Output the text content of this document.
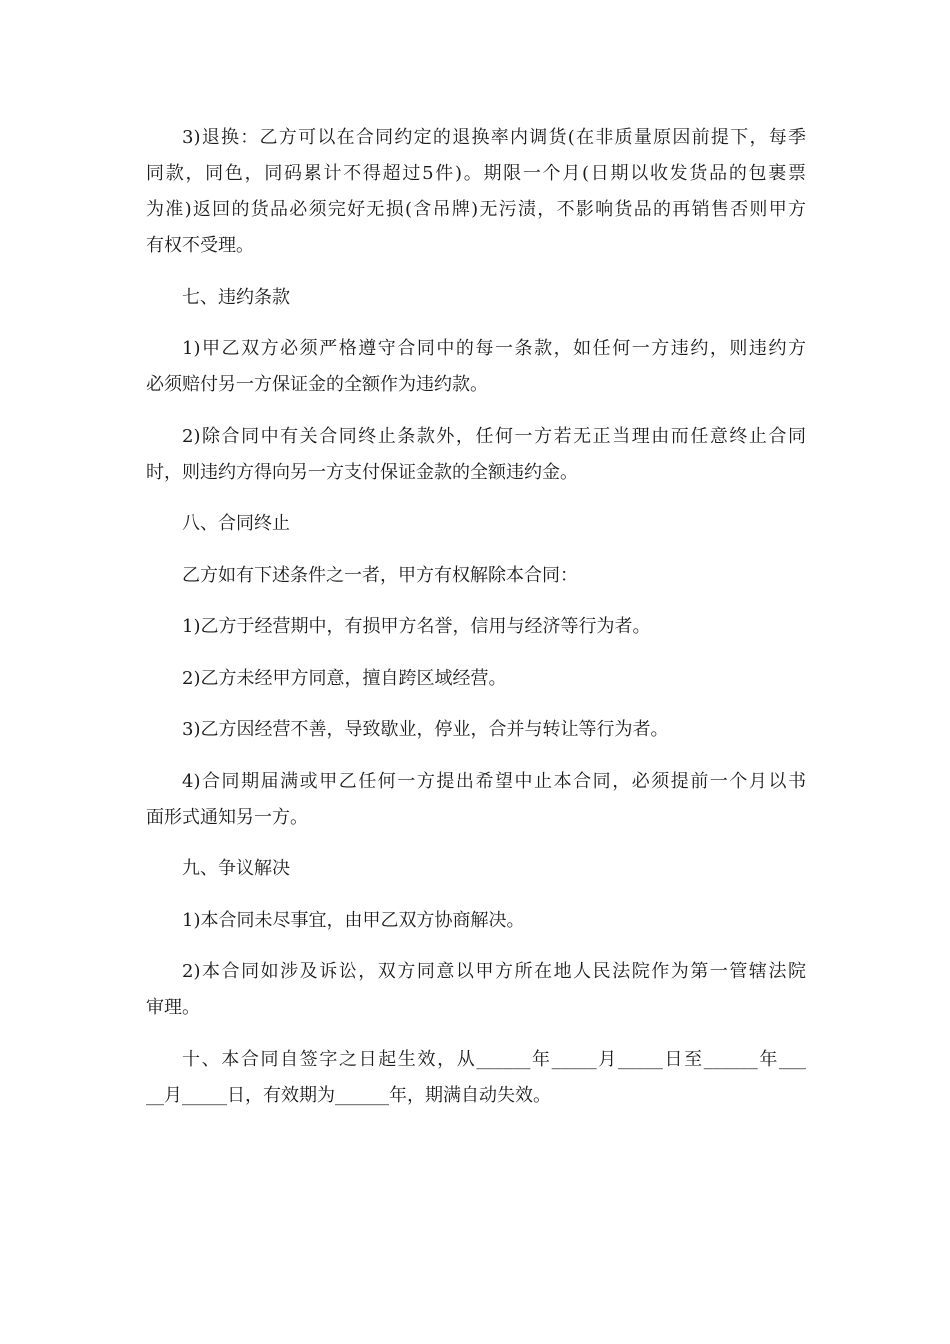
3)退换：乙方可以在合同约定的退换率内调货(在非质量原因前提下，每季
同款，同色，同码累计不得超过5件)。期限一个月(日期以收发货品的包裹票
为准)返回的货品必须完好无损(含吊牌)无污渍，不影响货品的再销售否则甲方
有权不受理。
七、违约条款
1)甲乙双方必须严格遵守合同中的每一条款，如任何一方违约，则违约方
必须赔付另一方保证金的全额作为违约款。
2)除合同中有关合同终止条款外，任何一方若无正当理由而任意终止合同
时，则违约方得向另一方支付保证金款的全额违约金。
八、合同终止
乙方如有下述条件之一者，甲方有权解除本合同：
1)乙方于经营期中，有损甲方名誉，信用与经济等行为者。
2)乙方未经甲方同意，擅自跨区域经营。
3)乙方因经营不善，导致歇业，停业，合并与转让等行为者。
4)合同期届满或甲乙任何一方提出希望中止本合同，必须提前一个月以书
面形式通知另一方。
九、争议解决
1)本合同未尽事宜，由甲乙双方协商解决。
2)本合同如涉及诉讼，双方同意以甲方所在地人民法院作为第一管辖法院
审理。
十、本合同自签字之日起生效，从______年_____月_____日至______年___
__月_____日，有效期为______年，期满自动失效。
